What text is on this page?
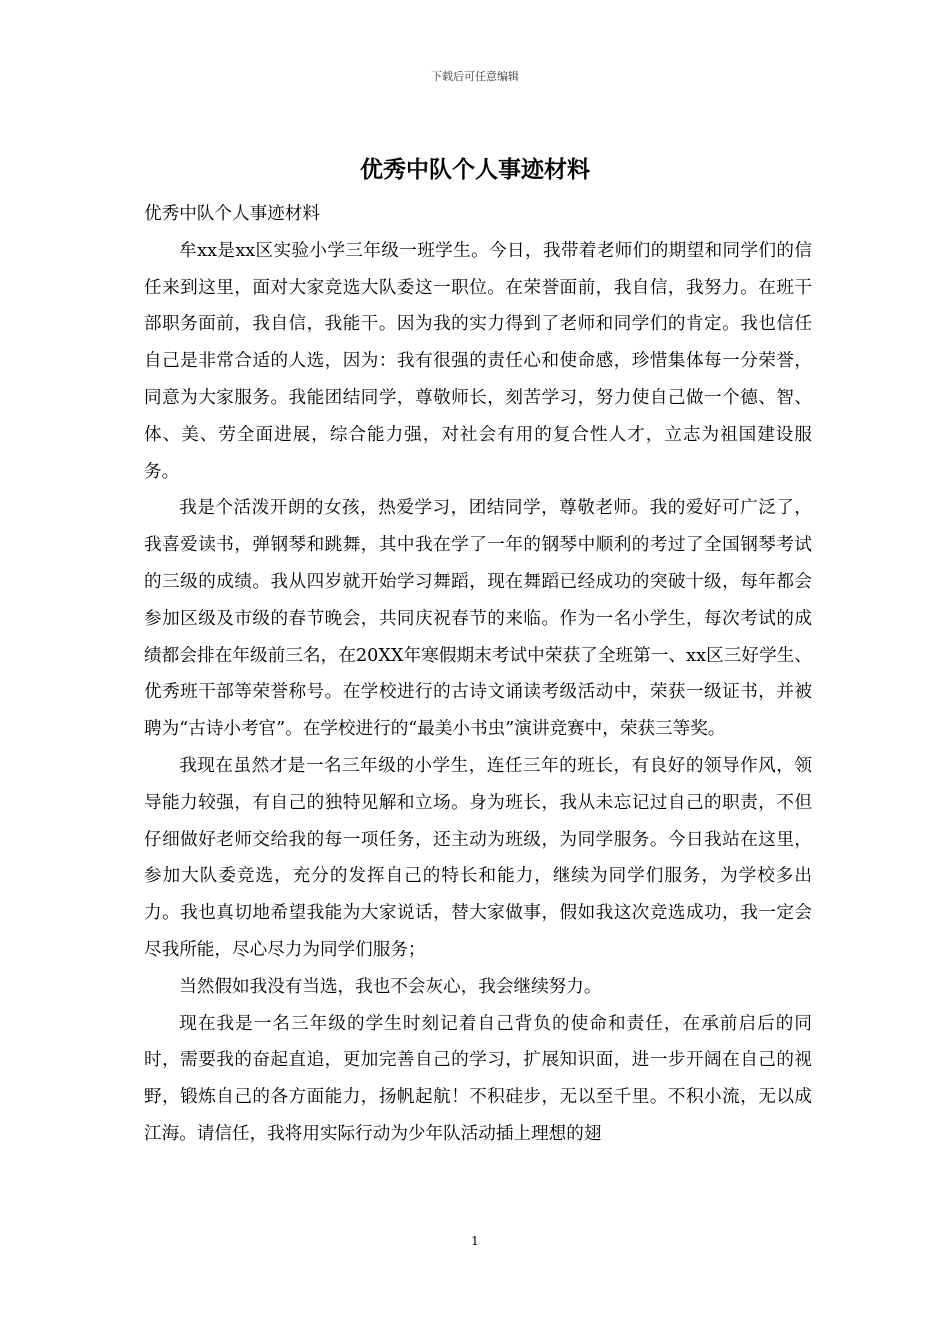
下载后可任意编辑
优秀中队个人事迹材料

优秀中队个人事迹材料

牟xx是xx区实验小学三年级一班学生。今日，我带着老师们的期望和同学们的信任来到这里，面对大家竞选大队委这一职位。在荣誉面前，我自信，我努力。在班干部职务面前，我自信，我能干。因为我的实力得到了老师和同学们的肯定。我也信任自己是非常合适的人选，因为：我有很强的责任心和使命感，珍惜集体每一分荣誉，同意为大家服务。我能团结同学，尊敬师长，刻苦学习，努力使自己做一个德、智、体、美、劳全面进展，综合能力强，对社会有用的复合性人才，立志为祖国建设服务。

我是个活泼开朗的女孩，热爱学习，团结同学，尊敬老师。我的爱好可广泛了，我喜爱读书，弹钢琴和跳舞，其中我在学了一年的钢琴中顺利的考过了全国钢琴考试的三级的成绩。我从四岁就开始学习舞蹈，现在舞蹈已经成功的突破十级，每年都会参加区级及市级的春节晚会，共同庆祝春节的来临。作为一名小学生，每次考试的成绩都会排在年级前三名，在20XX年寒假期末考试中荣获了全班第一、xx区三好学生、优秀班干部等荣誉称号。在学校进行的古诗文诵读考级活动中，荣获一级证书，并被聘为“古诗小考官”。在学校进行的“最美小书虫”演讲竞赛中，荣获三等奖。

我现在虽然才是一名三年级的小学生，连任三年的班长，有良好的领导作风，领导能力较强，有自己的独特见解和立场。身为班长，我从未忘记过自己的职责，不但仔细做好老师交给我的每一项任务，还主动为班级，为同学服务。今日我站在这里，参加大队委竞选，充分的发挥自己的特长和能力，继续为同学们服务，为学校多出力。我也真切地希望我能为大家说话，替大家做事，假如我这次竞选成功，我一定会尽我所能，尽心尽力为同学们服务；

当然假如我没有当选，我也不会灰心，我会继续努力。

现在我是一名三年级的学生时刻记着自己背负的使命和责任，在承前启后的同时，需要我的奋起直追，更加完善自己的学习，扩展知识面，进一步开阔在自己的视野，锻炼自己的各方面能力，扬帆起航！不积硅步，无以至千里。不积小流，无以成江海。请信任，我将用实际行动为少年队活动插上理想的翅

1
